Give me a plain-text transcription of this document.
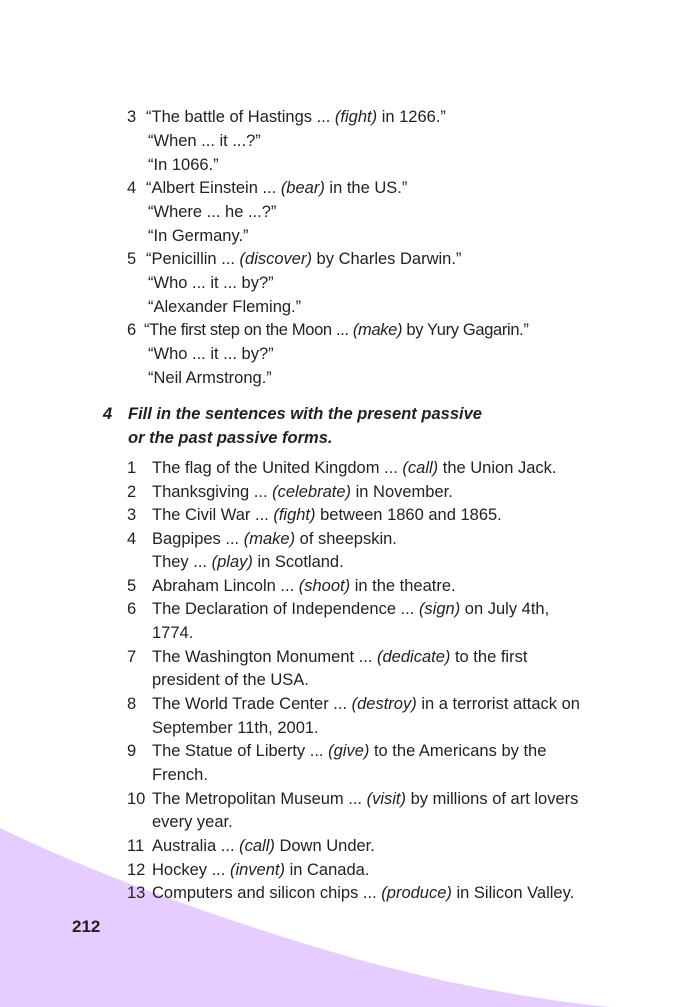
3 “The battle of Hastings ... (fight) in 1266.”
“When ... it ...?”
“In 1066.”
4 “Albert Einstein ... (bear) in the US.”
“Where ... he ...?”
“In Germany.”
5 “Penicillin ... (discover) by Charles Darwin.”
“Who ... it ... by?”
“Alexander Fleming.”
6 “The first step on the Moon ... (make) by Yury Gagarin.”
“Who ... it ... by?”
“Neil Armstrong.”
4 Fill in the sentences with the present passive
or the past passive forms.
1 The flag of the United Kingdom ... (call) the Union Jack.
2 Thanksgiving ... (celebrate) in November.
3 The Civil War ... (fight) between 1860 and 1865.
4 Bagpipes ... (make) of sheepskin.
They ... (play) in Scotland.
5 Abraham Lincoln ... (shoot) in the theatre.
6 The Declaration of Independence ... (sign) on July 4th,
1774.
7 The Washington Monument ... (dedicate) to the first
president of the USA.
8 The World Trade Center ... (destroy) in a terrorist attack on
September 11th, 2001.
9 The Statue of Liberty ... (give) to the Americans by the
French.
10 The Metropolitan Museum ... (visit) by millions of art lovers
every year.
11 Australia ... (call) Down Under.
12 Hockey ... (invent) in Canada.
13 Computers and silicon chips ... (produce) in Silicon Valley.
212
